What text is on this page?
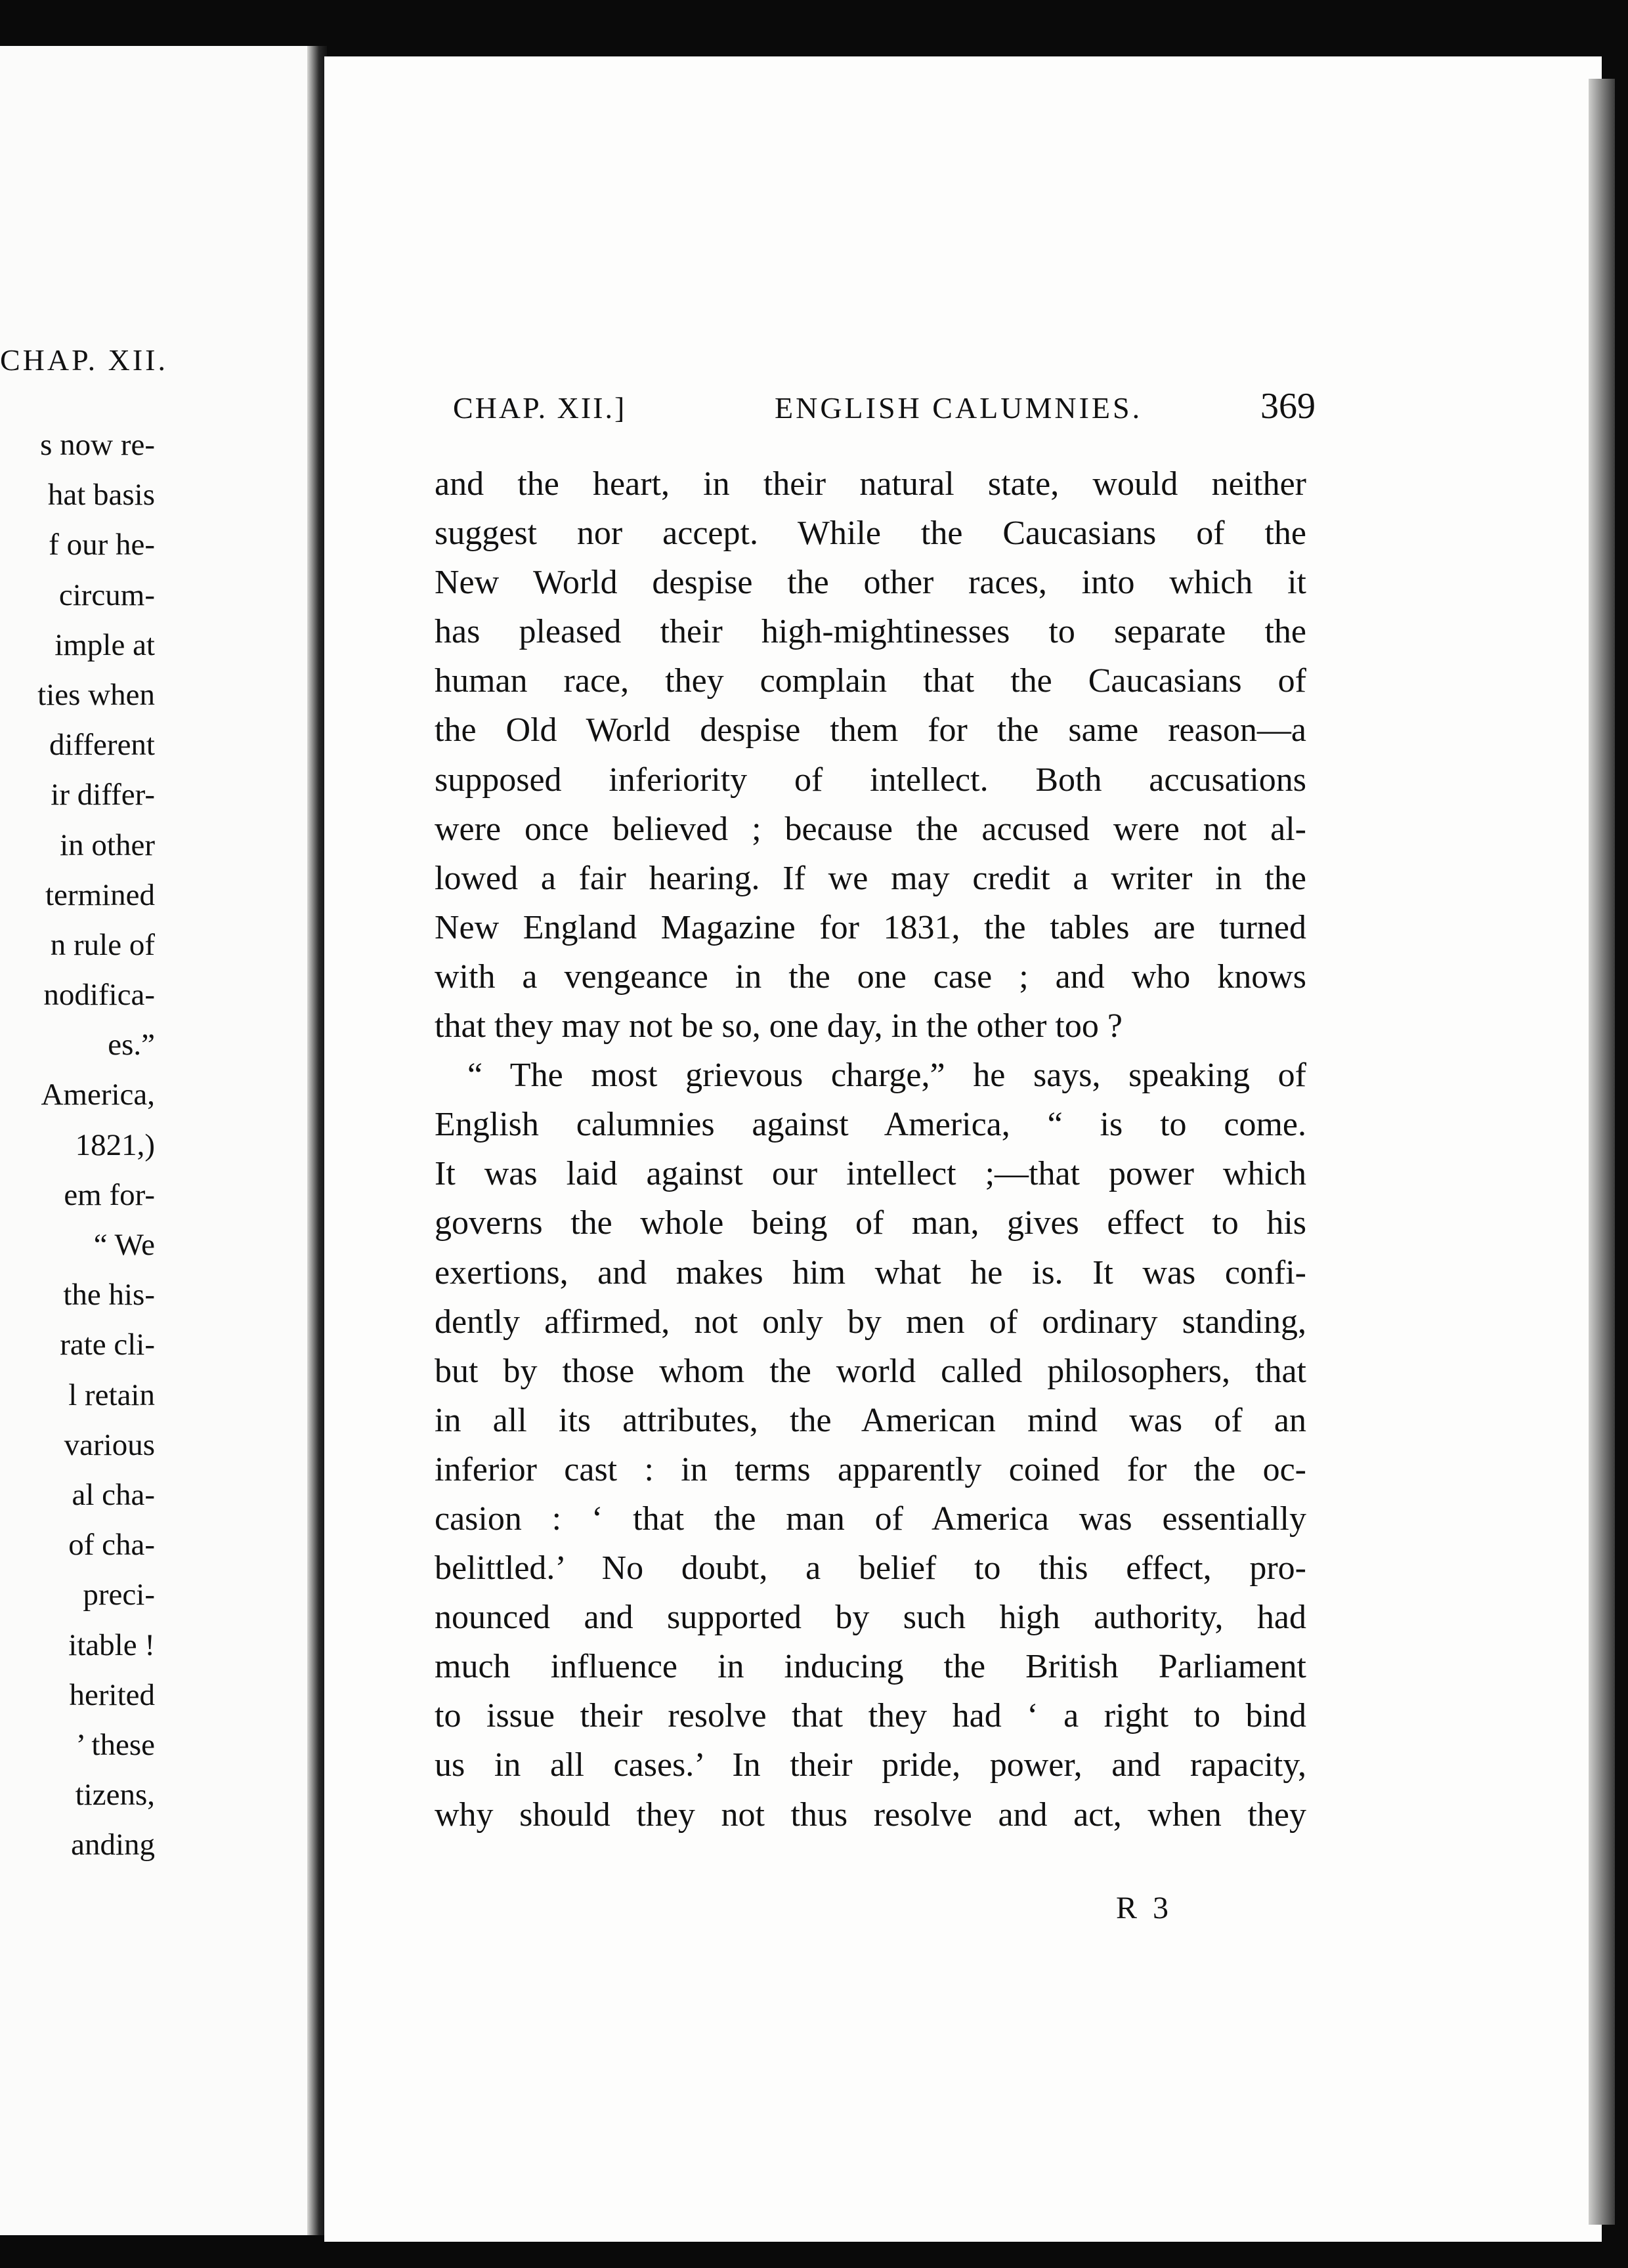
CHAP. XII.
s now re-
hat basis
f our he-
circum-
imple at
ties when
different
ir differ-
in other
termined
n rule of
nodifica-
es.”
America,
1821,)
em for-
“ We
the his-
rate cli-
l retain
various
al cha-
of cha-
preci-
itable !
herited
’ these
tizens,
anding
CHAP. XII.]	ENGLISH CALUMNIES.	369
and the heart, in their natural state, would neither
suggest nor accept. While the Caucasians of the
New World despise the other races, into which it
has pleased their high-mightinesses to separate the
human race, they complain that the Caucasians of
the Old World despise them for the same reason—a
supposed inferiority of intellect. Both accusations
were once believed ; because the accused were not al-
lowed a fair hearing. If we may credit a writer in the
New England Magazine for 1831, the tables are turned
with a vengeance in the one case ; and who knows
that they may not be so, one day, in the other too ?
“ The most grievous charge,” he says, speaking of
English calumnies against America, “ is to come.
It was laid against our intellect ;—that power which
governs the whole being of man, gives effect to his
exertions, and makes him what he is. It was confi-
dently affirmed, not only by men of ordinary standing,
but by those whom the world called philosophers, that
in all its attributes, the American mind was of an
inferior cast : in terms apparently coined for the oc-
casion : ‘ that the man of America was essentially
belittled.’ No doubt, a belief to this effect, pro-
nounced and supported by such high authority, had
much influence in inducing the British Parliament
to issue their resolve that they had ‘ a right to bind
us in all cases.’ In their pride, power, and rapacity,
why should they not thus resolve and act, when they
R 3
